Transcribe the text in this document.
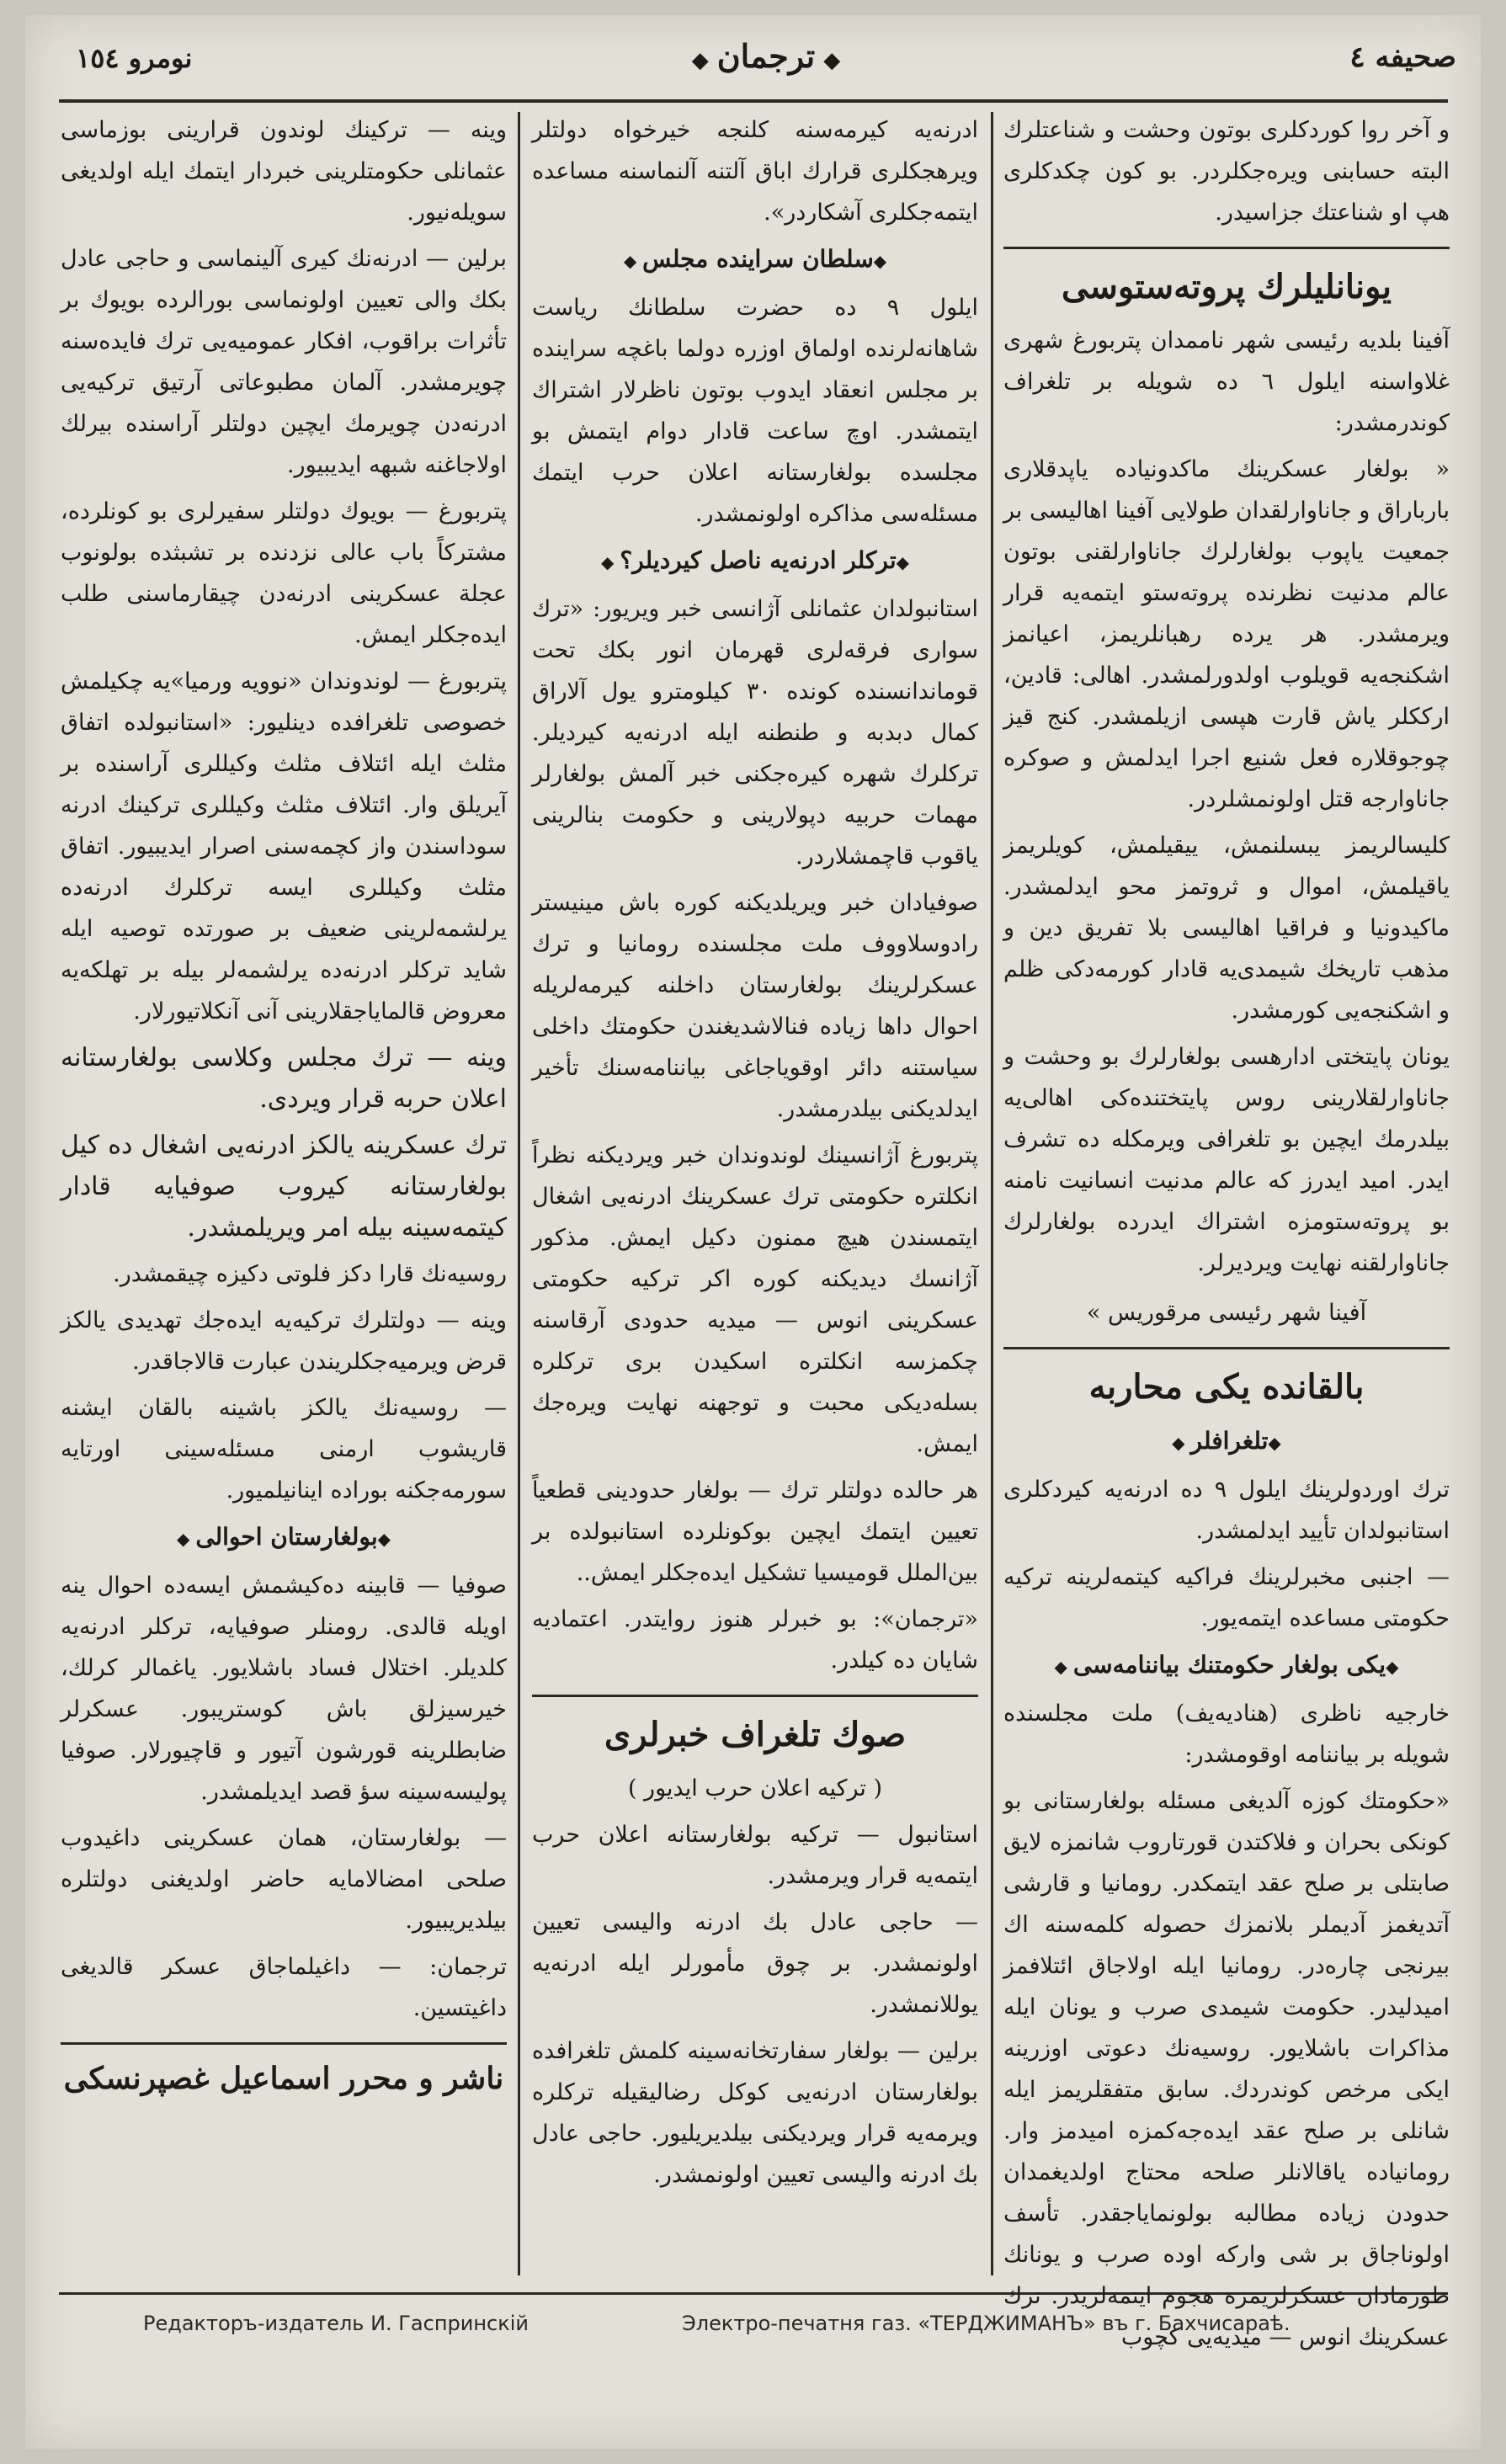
صحیفه ٤
◆ ترجمان ◆
نومرو ١٥٤

و آخر روا کوردکلری بوتون وحشت و شناعتلرك البته حسابنی ویره‌جکلردر. بو کون چکدکلری هپ او شناعتك جزاسیدر.

یونانلیلرك پروته‌ستوسی

آفینا بلدیه رئیسی شهر ناممدان پتربورغ شهری غلاواسنه ایلول ٦ ده شویله بر تلغراف کوندرمشدر:

« بولغار عسکرینك ماکدونیاده یاپدقلاری بارباراق و جاناوارلقدان طولایی آفینا اهالیسی بر جمعیت یاپوب بولغارلرك جاناوارلقنی بوتون عالم مدنیت نظرنده پروته‌ستو ایتمه‌یه قرار ویرمشدر. هر یرده رهبانلریمز، اعیانمز اشکنجه‌یه قویلوب اولدورلمشدر. اهالی: قادین، ارککلر یاش قارت هپسی ازیلمشدر. کنج قیز چوجوقلاره فعل شنیع اجرا ایدلمش و صوکره جاناوارجه قتل اولونمشلردر.

کلیسالریمز یبسلنمش، ییقیلمش، کویلریمز یاقیلمش، اموال و ثروتمز محو ایدلمشدر. ماکیدونیا و فراقیا اهالیسی بلا تفریق دین و مذهب تاریخك شیمدی‌یه قادار کورمه‌دکی ظلم و اشکنجه‌یی کورمشدر.

یونان پایتختی ادارهسی بولغارلرك بو وحشت و جاناوارلقلارینی روس پایتختنده‌کی اهالی‌یه بیلدرمك ایچین بو تلغرافی ویرمكله ده تشرف ایدر. امید ایدرز که عالم مدنیت انسانیت نامنه بو پروته‌ستومزه اشتراك ایدرده بولغارلرك جاناوارلقنه نهایت ویردیرلر.

آفینا شهر رئیسی مرقوریس »

بالقانده یکی محاربه
◆ تلغرافلر ◆

ترك اوردولرینك ایلول ٩ ده ادرنه‌یه کیردکلری استانبولدان تأیید ایدلمشدر.

— اجنبی مخبرلرینك فراکیه کیتمه‌لرینه ترکیه حکومتی مساعده ایتمه‌یور.

◆ یکی بولغار حکومتنك بیاننامه‌سی ◆

خارجیه ناظری (هنادیه‌یف) ملت مجلسنده شویله بر بیاننامه اوقومشدر:

«حکومتك کوزه آلدیغی مسئله بولغارستانی بو کونکی بحران و فلاکتدن قورتاروب شانمزه لایق صابتلی بر صلح عقد ایتمکدر. رومانیا و قارشی آتدیغمز آدیملر بلانمزك حصوله کلمه‌سنه اك بیرنجی چاره‌در. رومانیا ایله اولاجاق ائتلافمز امیدلیدر. حکومت شیمدی صرب و یونان ایله مذاکرات باشلایور. روسیه‌نك دعوتی اوزرینه ایکی مرخص کوندردك. سابق متفقلریمز ایله شانلی بر صلح عقد ایده‌جه‌کمزه امیدمز وار. رومانیاده یاقالانلر صلحه محتاج اولدیغمدان حدودن زیاده مطالبه بولونمایاجقدر. تأسف اولوناجاق بر شی وارکه اوده صرب و یونانك طورمادان عسکرلریمزه هجوم ایتمه‌لریدر. ترك عسکرینك انوس — میدیه‌یی کچوب

ادرنه‌یه کیرمه‌سنه کلنجه خیرخواه دولتلر ویرهجکلری قرارك اباق آلتنه آلنماسنه مساعده ایتمه‌جکلری آشکاردر».

◆ سلطان سراینده مجلس ◆

ایلول ٩ ده حضرت سلطانك ریاست شاهانه‌لرنده اولماق اوزره دولما باغچه سراینده بر مجلس انعقاد ایدوب بوتون ناظرلار اشتراك ایتمشدر. اوچ ساعت قادار دوام ایتمش بو مجلسده بولغارستانه اعلان حرب ایتمك مسئله‌سی مذاکره اولونمشدر.

◆ ترکلر ادرنه‌یه ناصل کیردیلر؟ ◆

استانبولدان عثمانلی آژانسی خبر ویریور: «ترك سواری فرقه‌لری قهرمان انور بکك تحت قوماندانسنده کونده ٣٠ کیلومترو یول آلاراق کمال دبدبه و طنطنه ایله ادرنه‌یه کیردیلر. ترکلرك شهره کیره‌جکنی خبر آلمش بولغارلر مهمات حربیه دپولارینی و حکومت بنالرینی یاقوب قاچمشلاردر.

صوفیادان خبر ویریلدیکنه کوره باش مینیستر رادوسلاووف ملت مجلسنده رومانیا و ترك عسکرلرینك بولغارستان داخلنه کیرمه‌لریله احوال داها زیاده فنالاشدیغندن حکومتك داخلی سیاستنه دائر اوقویاجاغی بیاننامه‌سنك تأخیر ایدلدیکنی بیلدرمشدر.

پتربورغ آژانسینك لوندوندان خبر ویردیکنه نظراً انکلتره حکومتی ترك عسکرینك ادرنه‌یی اشغال ایتمسندن هیچ ممنون دکیل ایمش. مذکور آژانسك دیدیکنه کوره اکر ترکیه حکومتی عسکرینی انوس — میدیه حدودی آرقاسنه چکمزسه انکلتره اسکیدن بری ترکلره بسله‌دیکی محبت و توجهنه نهایت ویره‌جك ایمش.

هر حالده دولتلر ترك — بولغار حدودینی قطعیاً تعیین ایتمك ایچین بوکونلرده استانبولده بر بین‌الملل قومیسیا تشکیل ایده‌جکلر ایمش..

«ترجمان»: بو خبرلر هنوز روایتدر. اعتمادیه شایان ده کیلدر.

صوك تلغراف خبرلری

( ترکیه اعلان حرب ایدیور )

استانبول — ترکیه بولغارستانه اعلان حرب ایتمه‌یه قرار ویرمشدر.

— حاجی عادل بك ادرنه والیسی تعیین اولونمشدر. بر چوق مأمورلر ایله ادرنه‌یه یوللانمشدر.

برلین — بولغار سفارتخانه‌سینه کلمش تلغرافده بولغارستان ادرنه‌یی کوکل رضالیقیله ترکلره ویرمه‌یه قرار ویردیکنی بیلدیریلیور. حاجی عادل بك ادرنه والیسی تعیین اولونمشدر.

وینه — ترکینك لوندون قرارینی بوزماسی عثمانلی حکومتلرینی خبردار ایتمك ایله اولدیغی سویله‌نیور.

برلین — ادرنه‌نك کیری آلینماسی و حاجی عادل بکك والی تعیین اولونماسی بورالرده بویوك بر تأثرات براقوب، افکار عمومیه‌یی ترك فایده‌سنه چویرمشدر. آلمان مطبوعاتی آرتیق ترکیه‌یی ادرنه‌دن چویرمك ایچین دولتلر آراسنده بیرلك اولاجاغنه شبهه ایدیبیور.

پتربورغ — بویوك دولتلر سفیرلری بو کونلرده، مشترکاً باب عالی نزدنده بر تشبثده بولونوب عجلة عسکرینی ادرنه‌دن چیقارماسنی طلب ایده‌جکلر ایمش.

پتربورغ — لوندوندان «نوو‌یه ورمیا»یه چکیلمش خصوصی تلغرافده دینلیور: «استانبولده اتفاق مثلث ایله ائتلاف مثلث وکیللری آراسنده بر آیریلق وار. ائتلاف مثلث وکیللری ترکینك ادرنه سوداسندن واز کچمه‌سنی اصرار ایدیبیور. اتفاق مثلث وکیللری ایسه ترکلرك ادرنه‌ده یرلشمه‌لرینی ضعیف بر صورتده توصیه ایله شاید ترکلر ادرنه‌ده یرلشمه‌لر بیله بر تهلکه‌یه معروض قالمایاجقلارینی آنی آنکلاتیورلار.

وینه — ترك مجلس وکلاسی بولغارستانه اعلان حربه قرار ویردی.

ترك عسکرینه یالکز ادرنه‌یی اشغال ده کیل بولغارستانه کیروب صوفیایه قادار کیتمه‌سینه بیله امر ویریلمشدر.

روسیه‌نك قارا دکز فلوتی دکیزه چیقمشدر.

وینه — دولتلرك ترکیه‌یه ایده‌جك تهدیدی یالکز قرض ویرمیه‌جکلریندن عبارت قالاجاقدر.

— روسیه‌نك یالکز باشینه بالقان ایشنه قاریشوب ارمنی مسئله‌سینی اورتایه سورمه‌جکنه بوراده اینانیلمیور.

◆ بولغارستان احوالی ◆

صوفیا — قابینه ده‌کیشمش ایسه‌ده احوال ینه اویله قالدی. رومنلر صوفیایه، ترکلر ادرنه‌یه کلدیلر. اختلال فساد باشلایور. یاغمالر کرلك، خیرسیزلق باش کوستریبور. عسکرلر ضابطلرینه قورشون آتیور و قاچیورلار. صوفیا پولیسه‌سینه سؤ قصد ایدیلمشدر.

— بولغارستان، همان عسکرینی داغیدوب صلحی امضالامایه حاضر اولدیغنی دولتلره بیلدیریبیور.

ترجمان: — داغیلماجاق عسکر قالدیغی داغیتسین.

ناشر و محرر اسماعیل غصپرنسکی
Редакторъ-издатель И. Гаспринскiй	Электро-печатня газ. «ТЕРДЖИМАНЪ» въ г. Бахчисараѣ.
